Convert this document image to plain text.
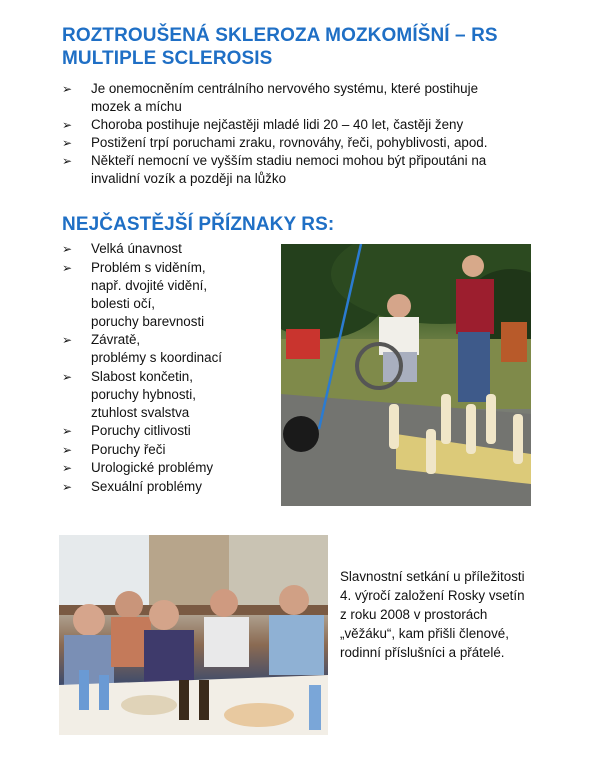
ROZTROUŠENÁ SKLEROZA MOZKOMÍŠNÍ – RS
MULTIPLE SCLEROSIS
➢ Je onemocněním centrálního nervového systému, které postihuje
mozek a míchu
➢ Choroba postihuje nejčastěji mladé lidi 20 – 40 let, častěji ženy
➢ Postižení trpí poruchami zraku, rovnováhy, řeči, pohyblivosti, apod.
➢ Někteří nemocní ve vyšším stadiu nemoci mohou být připoutáni na
invalidní vozík a později na lůžko
NEJČASTĚJŠÍ PŘÍZNAKY RS:
➢ Velká únavnost
➢ Problém s viděním,
např. dvojité vidění,
bolesti očí,
poruchy barevnosti
➢ Závratě,
problémy s koordinací
➢ Slabost končetin,
poruchy hybnosti,
ztuhlost svalstva
➢ Poruchy citlivosti
➢ Poruchy řeči
➢ Urologické problémy
➢ Sexuální problémy

Slavnostní setkání u příležitosti
4. výročí založení Rosky vsetín
z roku 2008 v prostorách
„věžáku“, kam přišli členové,
rodinní příslušníci a přátelé.
